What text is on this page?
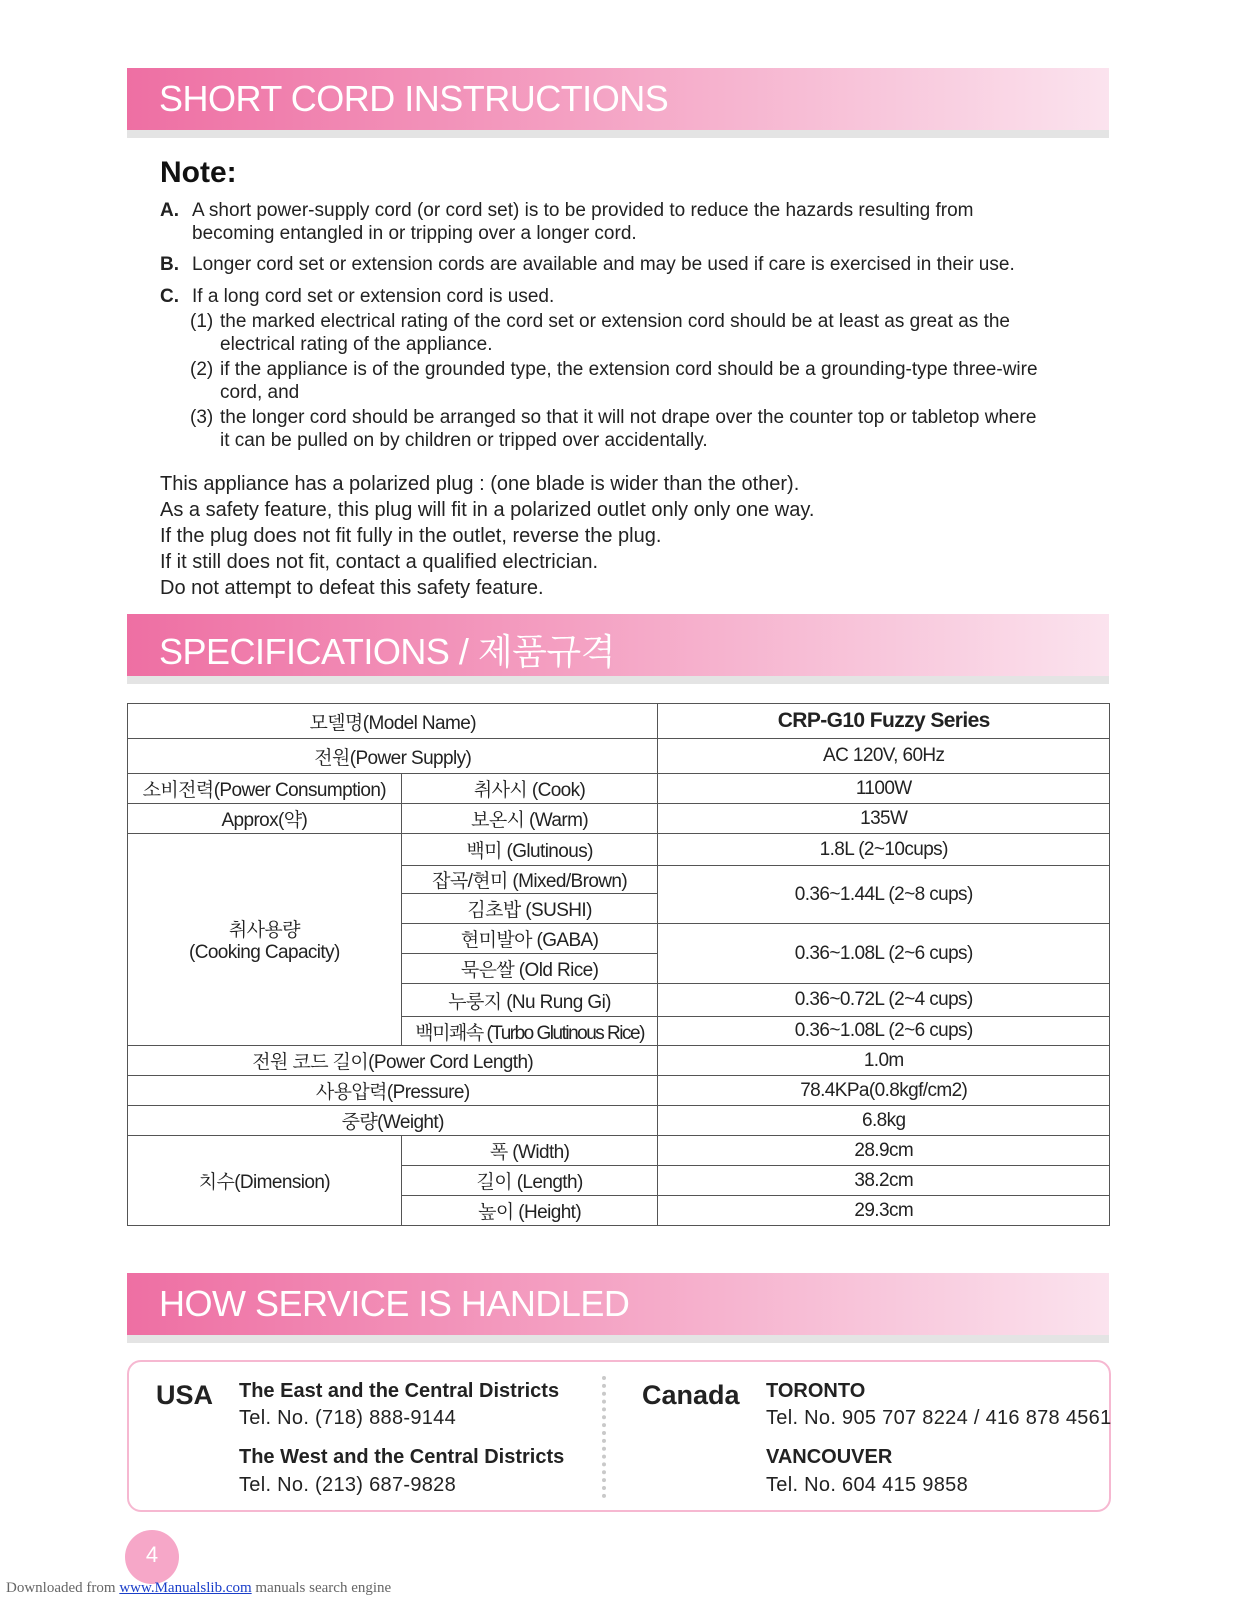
SHORT CORD INSTRUCTIONS
Note:
A. A short power-supply cord (or cord set) is to be provided to reduce the hazards resulting from
becoming entangled in or tripping over a longer cord.
B. Longer cord set or extension cords are available and may be used if care is exercised in their use.
C. If a long cord set or extension cord is used.
(1) the marked electrical rating of the cord set or extension cord should be at least as great as the
electrical rating of the appliance.
(2) if the appliance is of the grounded type, the extension cord should be a grounding-type three-wire
cord, and
(3) the longer cord should be arranged so that it will not drape over the counter top or tabletop where
it can be pulled on by children or tripped over accidentally.
This appliance has a polarized plug : (one blade is wider than the other).
As a safety feature, this plug will fit in a polarized outlet only only one way.
If the plug does not fit fully in the outlet, reverse the plug.
If it still does not fit, contact a qualified electrician.
Do not attempt to defeat this safety feature.
SPECIFICATIONS / 제품규격
모델명(Model Name)		CRP-G10 Fuzzy Series
전원(Power Supply)		AC 120V, 60Hz
소비전력(Power Consumption)	취사시 (Cook)	1100W
Approx(약)	보온시 (Warm)	135W

취사용량
(Cooking Capacity)	백미 (Glutinous)	1.8L (2~10cups)
	잡곡/현미 (Mixed/Brown)	0.36~1.44L (2~8 cups)
	김초밥 (SUSHI)	
	현미발아 (GABA)	0.36~1.08L (2~6 cups)
	묵은쌀 (Old Rice)	
	누룽지 (Nu Rung Gi)	0.36~0.72L (2~4 cups)
	백미쾌속 (Turbo Glutinous Rice)	0.36~1.08L (2~6 cups)
전원 코드 길이(Power Cord Length)		1.0m
사용압력(Pressure)		78.4KPa(0.8kgf/cm2)
중량(Weight)		6.8kg
치수(Dimension)	폭 (Width)	28.9cm
	길이 (Length)	38.2cm
	높이 (Height)	29.3cm
HOW SERVICE IS HANDLED
USA The East and the Central Districts
Tel. No. (718) 888-9144
The West and the Central Districts
Tel. No. (213) 687-9828
Canada TORONTO
Tel. No. 905 707 8224 / 416 878 4561
VANCOUVER
Tel. No. 604 415 9858
4
Downloaded from www.Manualslib.com manuals search engine
